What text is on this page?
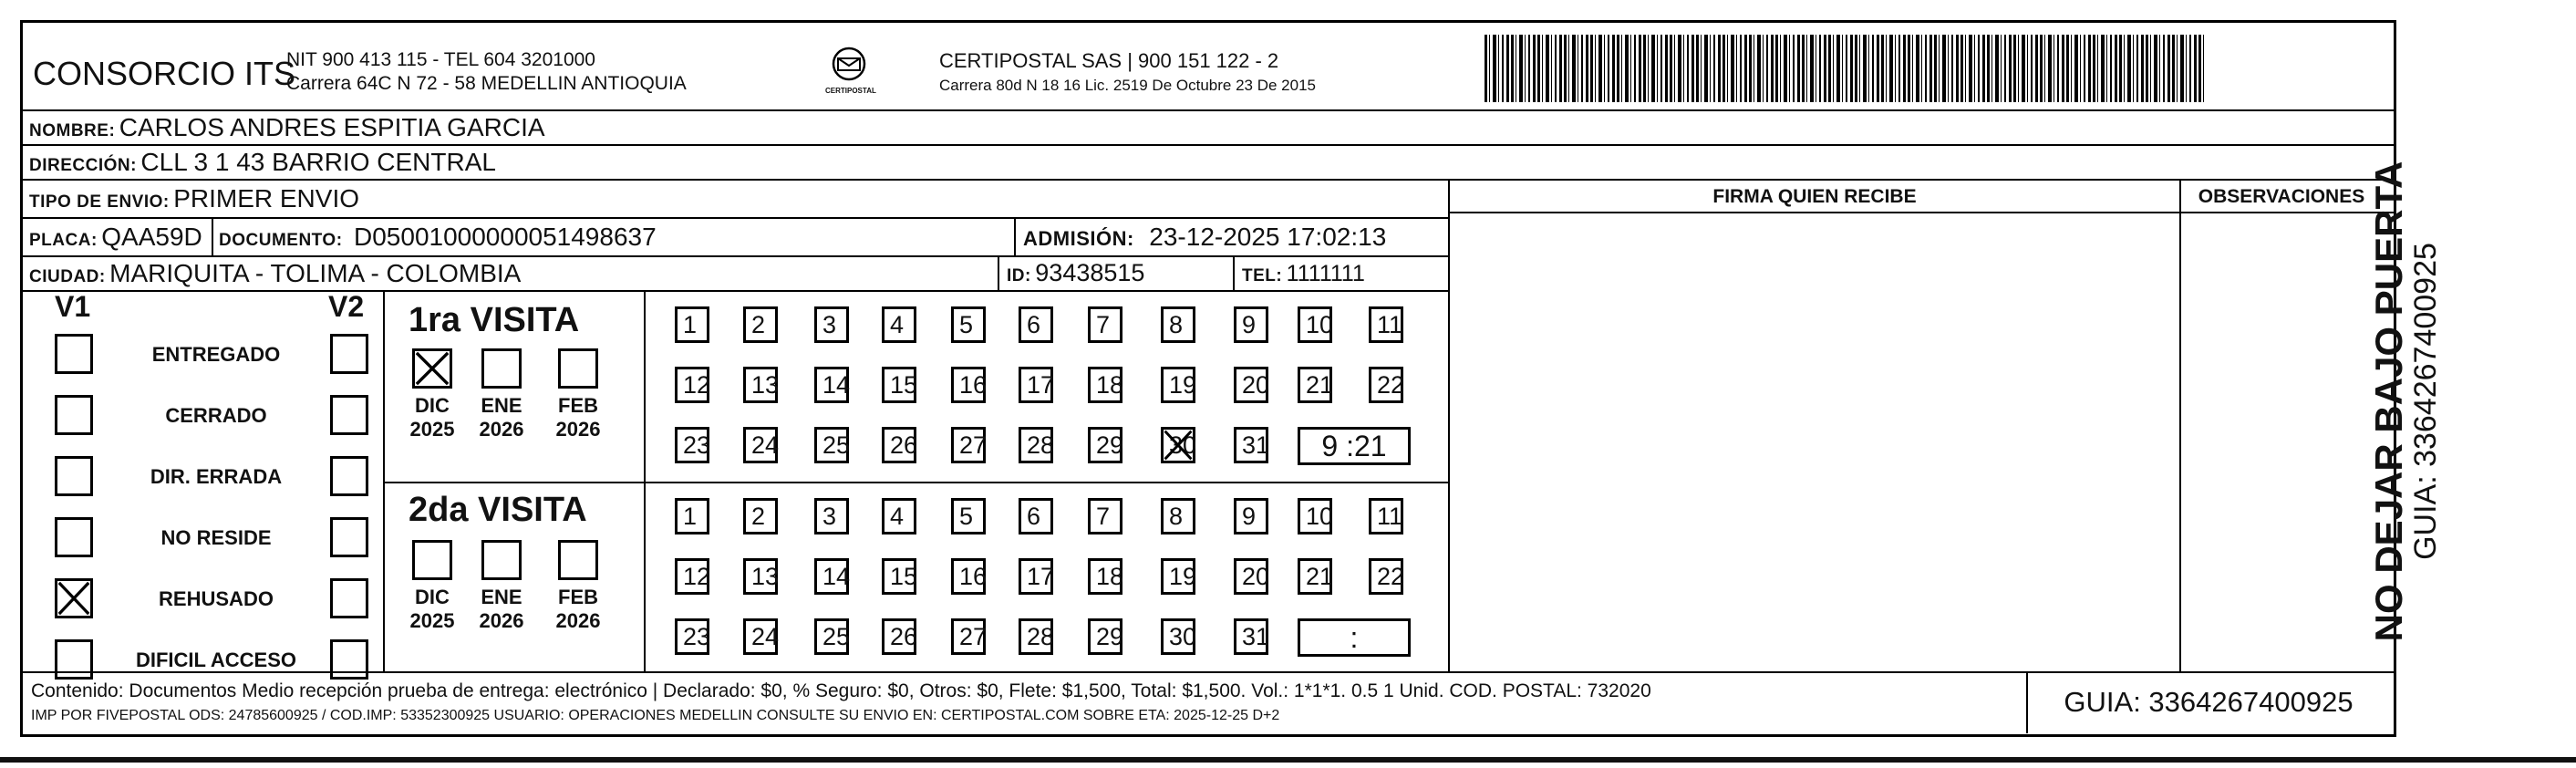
CONSORCIO ITS
NIT 900 413 115 - TEL 604 3201000
Carrera 64C N 72 - 58 MEDELLIN ANTIOQUIA	CERTIPOSTAL
CERTIPOSTAL SAS | 900 151 122 - 2
Carrera 80d N 18 16 Lic. 2519 De Octubre 23 De 2015
NOMBRE: CARLOS ANDRES ESPITIA GARCIA
DIRECCIÓN: CLL 3 1 43 BARRIO CENTRAL
TIPO DE ENVIO: PRIMER ENVIO
PLACA: QAA59D DOCUMENTO: D05001000000051498637	ADMISIÓN: 23-12-2025 17:02:13
CIUDAD: MARIQUITA - TOLIMA - COLOMBIA	ID: 93438515	TEL: 1111111
FIRMA QUIEN RECIBE	OBSERVACIONES
V1	V2
ENTREGADO
CERRADO
DIR. ERRADA
NO RESIDE
REHUSADO
DIFICIL ACCESO
1ra VISITA
2da VISITA
DIC
2025
ENE
2026
FEB
2026
1	2	3	4	5	6	7	8	9	10	11
12	13	14	15	16	17	18	19	20	21	22
23	24	25	26	27	28	29	30	31	9 :21
DIC
2025
ENE
2026
FEB
2026
1	2	3	4	5	6	7	8	9	10	11
12	13	14	15	16	17	18	19	20	21	22
23	24	25	26	27	28	29	30	31	:
Contenido: Documentos Medio recepción prueba de entrega: electrónico | Declarado: $0, % Seguro: $0, Otros: $0, Flete: $1,500, Total: $1,500. Vol.: 1*1*1. 0.5 1 Unid. COD. POSTAL: 732020
IMP POR FIVEPOSTAL ODS: 24785600925 / COD.IMP: 53352300925 USUARIO: OPERACIONES MEDELLIN CONSULTE SU ENVIO EN: CERTIPOSTAL.COM SOBRE ETA: 2025-12-25 D+2	GUIA: 3364267400925
NO DEJAR BAJO PUERTA
GUIA: 3364267400925
